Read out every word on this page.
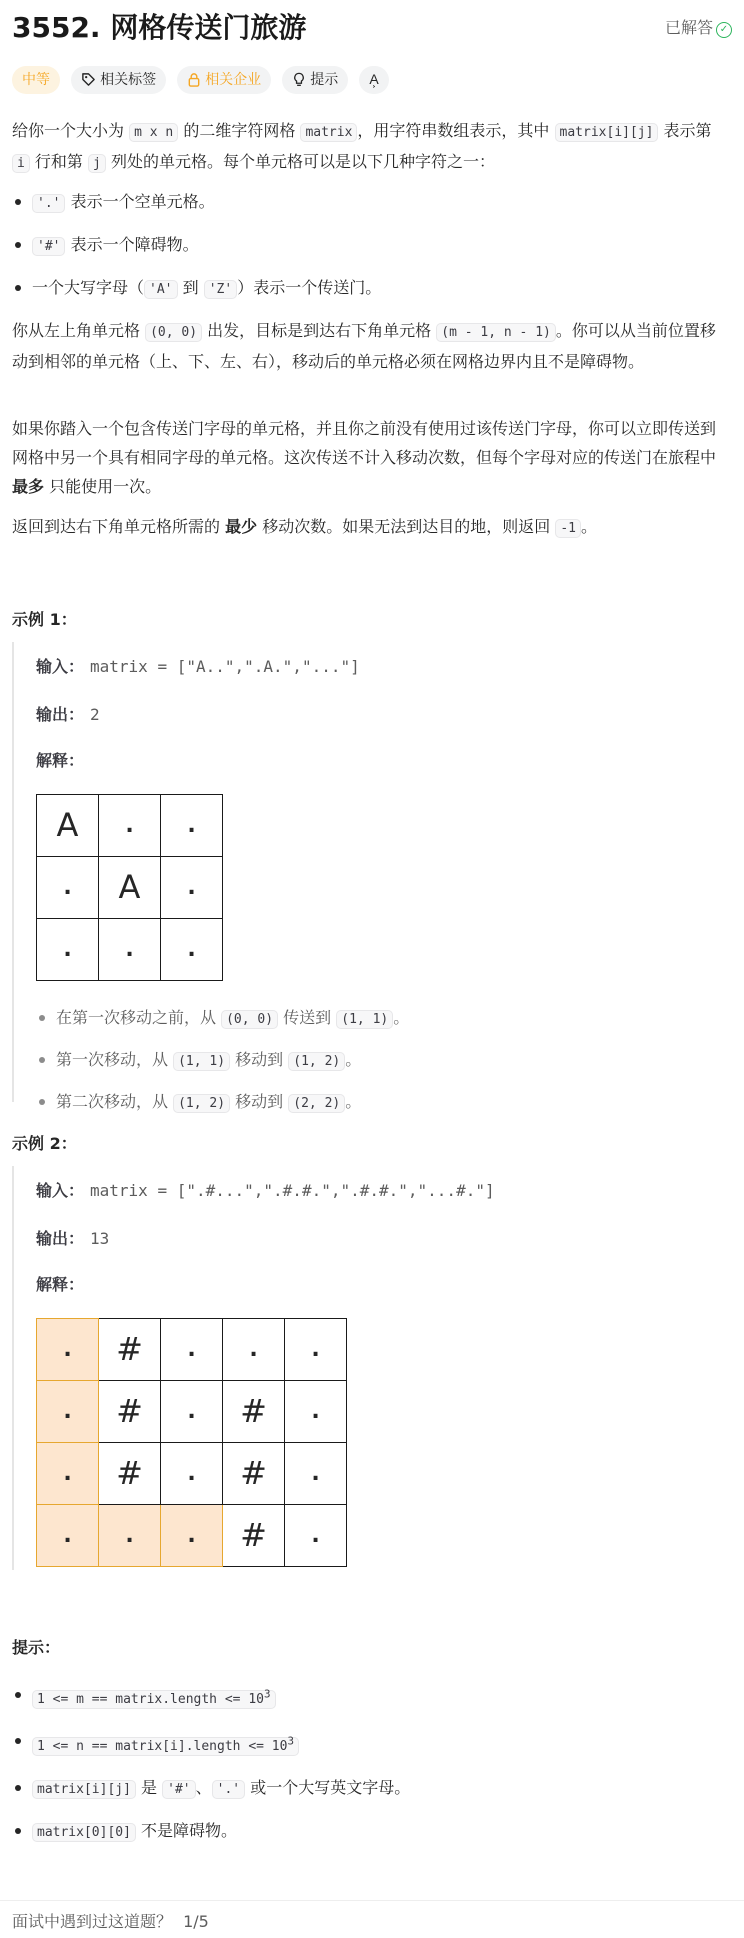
3552. 网格传送门旅游	已解答 ✓
中等	相关标签	相关企业	提示 A͕
给你一个大小为 m x n 的二维字符网格 matrix ，用字符串数组表示，其中 matrix[i][j] 表示第 i 行和第 j 列处的单元格。每个单元格可以是以下几种字符之一：
'.' 表示一个空单元格。
'#' 表示一个障碍物。
一个大写字母（ 'A' 到 'Z' ）表示一个传送门。
你从左上角单元格 (0, 0) 出发，目标是到达右下角单元格 (m - 1, n - 1) 。你可以从当前位置移动到相邻的单元格（上、下、左、右），移动后的单元格必须在网格边界内且不是障碍物。
如果你踏入一个包含传送门字母的单元格，并且你之前没有使用过该传送门字母，你可以立即传送到网格中另一个具有相同字母的单元格。这次传送不计入移动次数，但每个字母对应的传送门在旅程中 最多 只能使用一次。
返回到达右下角单元格所需的 最少 移动次数。如果无法到达目的地，则返回 -1 。
示例 1：

输入： matrix = ["A..",".A.","..."]

输出： 2

解释：

A	.	.
.	A	.
.	.	.
在第一次移动之前，从 (0, 0) 传送到 (1, 1) 。
第一次移动，从 (1, 1) 移动到 (1, 2) 。
第二次移动，从 (1, 2) 移动到 (2, 2) 。
示例 2：

输入： matrix = [".#...",".#.#.",".#.#.","...#."]

输出： 13

解释：

.	#	.	.	.
.	#	.	#	.
.	#	.	#	.
.	.	.	#	.
提示：
1 <= m == matrix.length <= $10^3$
1 <= n == matrix[i].length <= $10^3$
matrix[i][j] 是 '#' 、 '.' 或一个大写英文字母。
matrix[0][0] 不是障碍物。
面试中遇到过这道题？ 1/5
